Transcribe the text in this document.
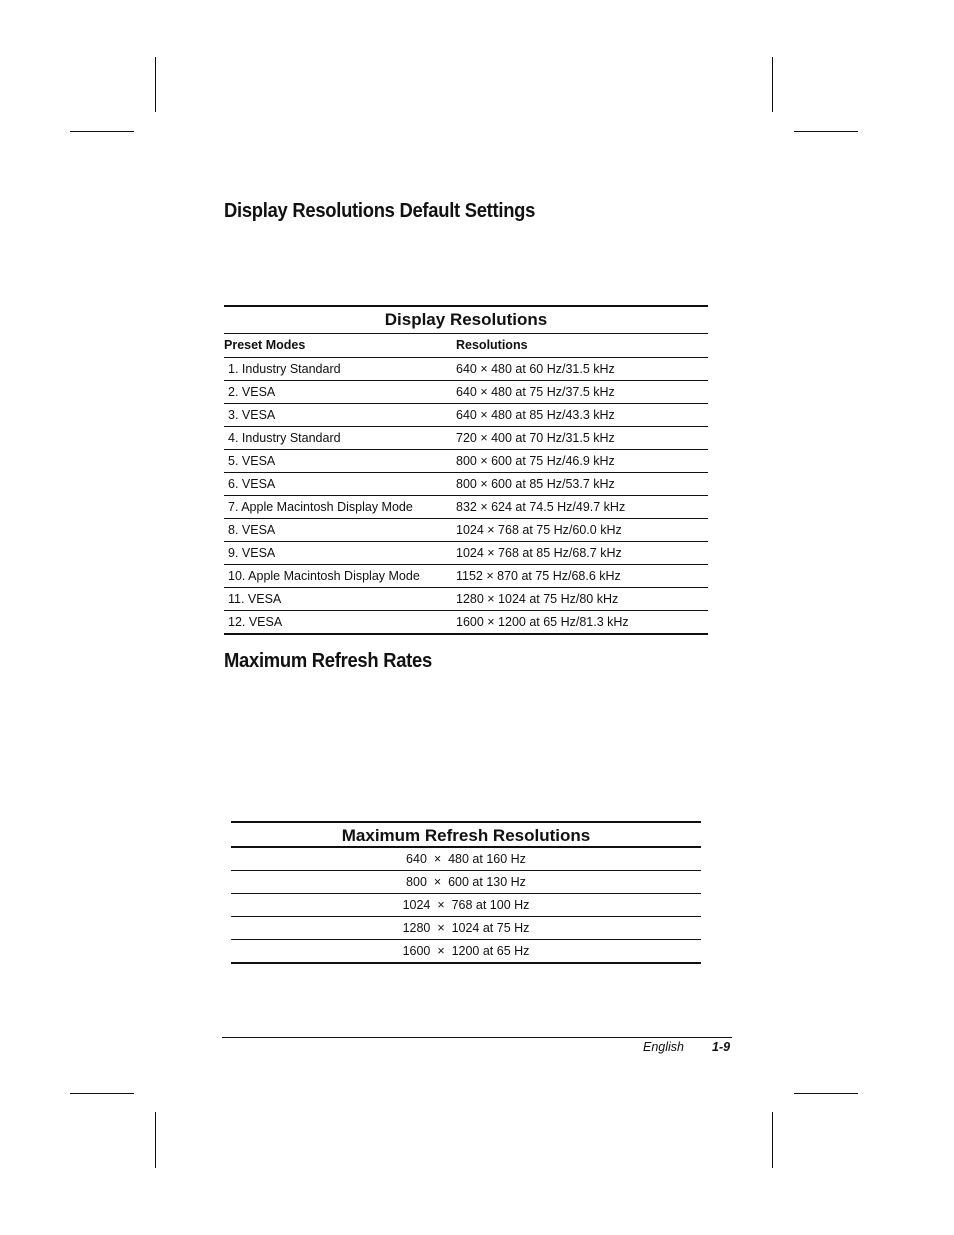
Display Resolutions Default Settings
Display Resolutions
Preset Modes	Resolutions
1. Industry Standard	640 × 480 at 60 Hz/31.5 kHz
2. VESA	640 × 480 at 75 Hz/37.5 kHz
3. VESA	640 × 480 at 85 Hz/43.3 kHz
4. Industry Standard	720 × 400 at 70 Hz/31.5 kHz
5. VESA	800 × 600 at 75 Hz/46.9 kHz
6. VESA	800 × 600 at 85 Hz/53.7 kHz
7. Apple Macintosh Display Mode	832 × 624 at 74.5 Hz/49.7 kHz
8. VESA	1024 × 768 at 75 Hz/60.0 kHz
9. VESA	1024 × 768 at 85 Hz/68.7 kHz
10. Apple Macintosh Display Mode	1152 × 870 at 75 Hz/68.6 kHz
11. VESA	1280 × 1024 at 75 Hz/80 kHz
12. VESA	1600 × 1200 at 65 Hz/81.3 kHz
Maximum Refresh Rates
Maximum Refresh Resolutions
640  ×  480 at 160 Hz
800  ×  600 at 130 Hz
1024  ×  768 at 100 Hz
1280  ×  1024 at 75 Hz
1600  ×  1200 at 65 Hz
English 1-9
